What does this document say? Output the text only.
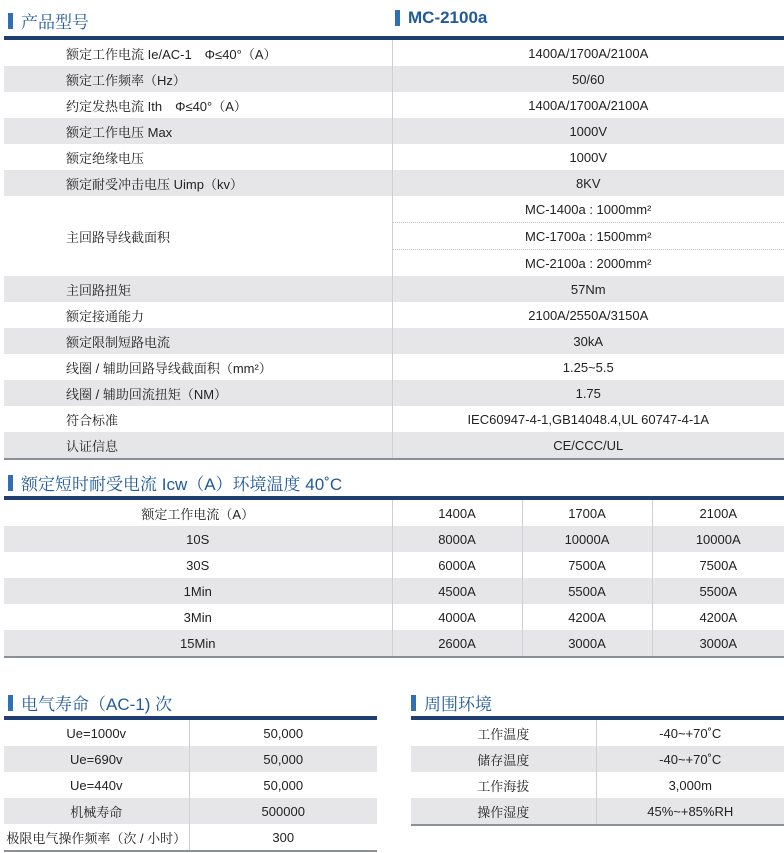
产品型号	MC-2100a
额定工作电流 Ie/AC-1　Φ≤40°（A）	1400A/1700A/2100A
额定工作频率（Hz）	50/60
约定发热电流 Ith　Φ≤40°（A）	1400A/1700A/2100A
额定工作电压 Max	1000V
额定绝缘电压	1000V
额定耐受冲击电压 Uimp（kv）	8KV
主回路导线截面积	MC-1400a : 1000mm²
	MC-1700a : 1500mm²
	MC-2100a : 2000mm²
主回路扭矩	57Nm
额定接通能力	2100A/2550A/3150A
额定限制短路电流	30kA
线圈 / 辅助回路导线截面积（mm²）	1.25~5.5
线圈 / 辅助回流扭矩（NM）	1.75
符合标准	IEC60947-4-1,GB14048.4,UL 60747-4-1A
认证信息	CE/CCC/UL
额定短时耐受电流 Icw（A）环境温度 40˚C
额定工作电流（A）	1400A	1700A	2100A
10S	8000A	10000A	10000A
30S	6000A	7500A	7500A
1Min	4500A	5500A	5500A
3Min	4000A	4200A	4200A
15Min	2600A	3000A	3000A
电气寿命（AC-1) 次
Ue=1000v	50,000
Ue=690v	50,000
Ue=440v	50,000
机械寿命	500000
极限电气操作频率（次 / 小时）	300
周围环境
工作温度	-40~+70˚C
储存温度	-40~+70˚C
工作海拔	3,000m
操作湿度	45%~+85%RH
